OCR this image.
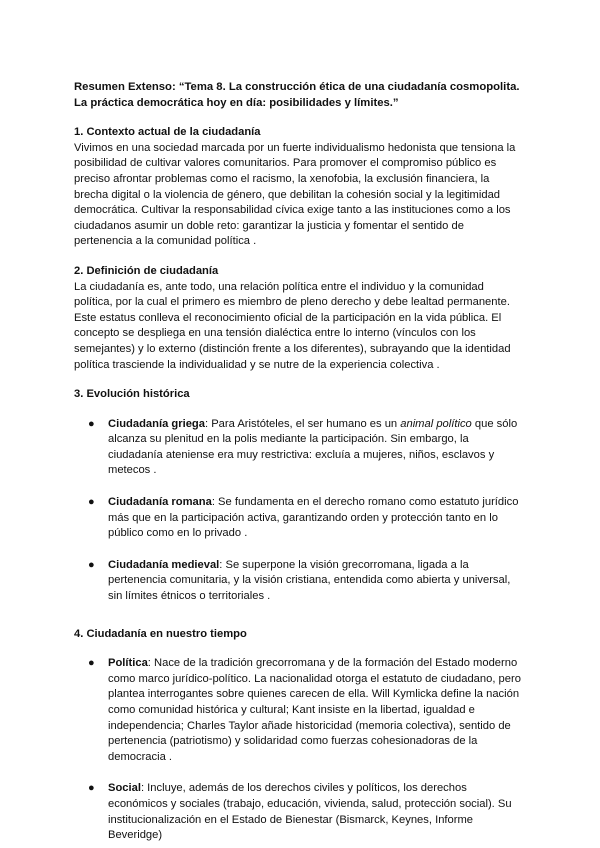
Resumen Extenso: “Tema 8. La construcción ética de una ciudadanía cosmopolita. La práctica democrática hoy en día: posibilidades y límites.”

1. Contexto actual de la ciudadanía

Vivimos en una sociedad marcada por un fuerte individualismo hedonista que tensiona la posibilidad de cultivar valores comunitarios. Para promover el compromiso público es preciso afrontar problemas como el racismo, la xenofobia, la exclusión financiera, la brecha digital o la violencia de género, que debilitan la cohesión social y la legitimidad democrática. Cultivar la responsabilidad cívica exige tanto a las instituciones como a los ciudadanos asumir un doble reto: garantizar la justicia y fomentar el sentido de pertenencia a la comunidad política .

2. Definición de ciudadanía

La ciudadanía es, ante todo, una relación política entre el individuo y la comunidad política, por la cual el primero es miembro de pleno derecho y debe lealtad permanente. Este estatus conlleva el reconocimiento oficial de la participación en la vida pública. El concepto se despliega en una tensión dialéctica entre lo interno (vínculos con los semejantes) y lo externo (distinción frente a los diferentes), subrayando que la identidad política trasciende la individualidad y se nutre de la experiencia colectiva .

3. Evolución histórica

● Ciudadanía griega: Para Aristóteles, el ser humano es un animal político que sólo alcanza su plenitud en la polis mediante la participación. Sin embargo, la ciudadanía ateniense era muy restrictiva: excluía a mujeres, niños, esclavos y metecos .
● Ciudadanía romana: Se fundamenta en el derecho romano como estatuto jurídico más que en la participación activa, garantizando orden y protección tanto en lo público como en lo privado .
● Ciudadanía medieval: Se superpone la visión grecorromana, ligada a la pertenencia comunitaria, y la visión cristiana, entendida como abierta y universal, sin límites étnicos o territoriales .

4. Ciudadanía en nuestro tiempo

● Política: Nace de la tradición grecorromana y de la formación del Estado moderno como marco jurídico-político. La nacionalidad otorga el estatuto de ciudadano, pero plantea interrogantes sobre quienes carecen de ella. Will Kymlicka define la nación como comunidad histórica y cultural; Kant insiste en la libertad, igualdad e independencia; Charles Taylor añade historicidad (memoria colectiva), sentido de pertenencia (patriotismo) y solidaridad como fuerzas cohesionadoras de la democracia .
● Social: Incluye, además de los derechos civiles y políticos, los derechos económicos y sociales (trabajo, educación, vivienda, salud, protección social). Su institucionalización en el Estado de Bienestar (Bismarck, Keynes, Informe Beveridge)
